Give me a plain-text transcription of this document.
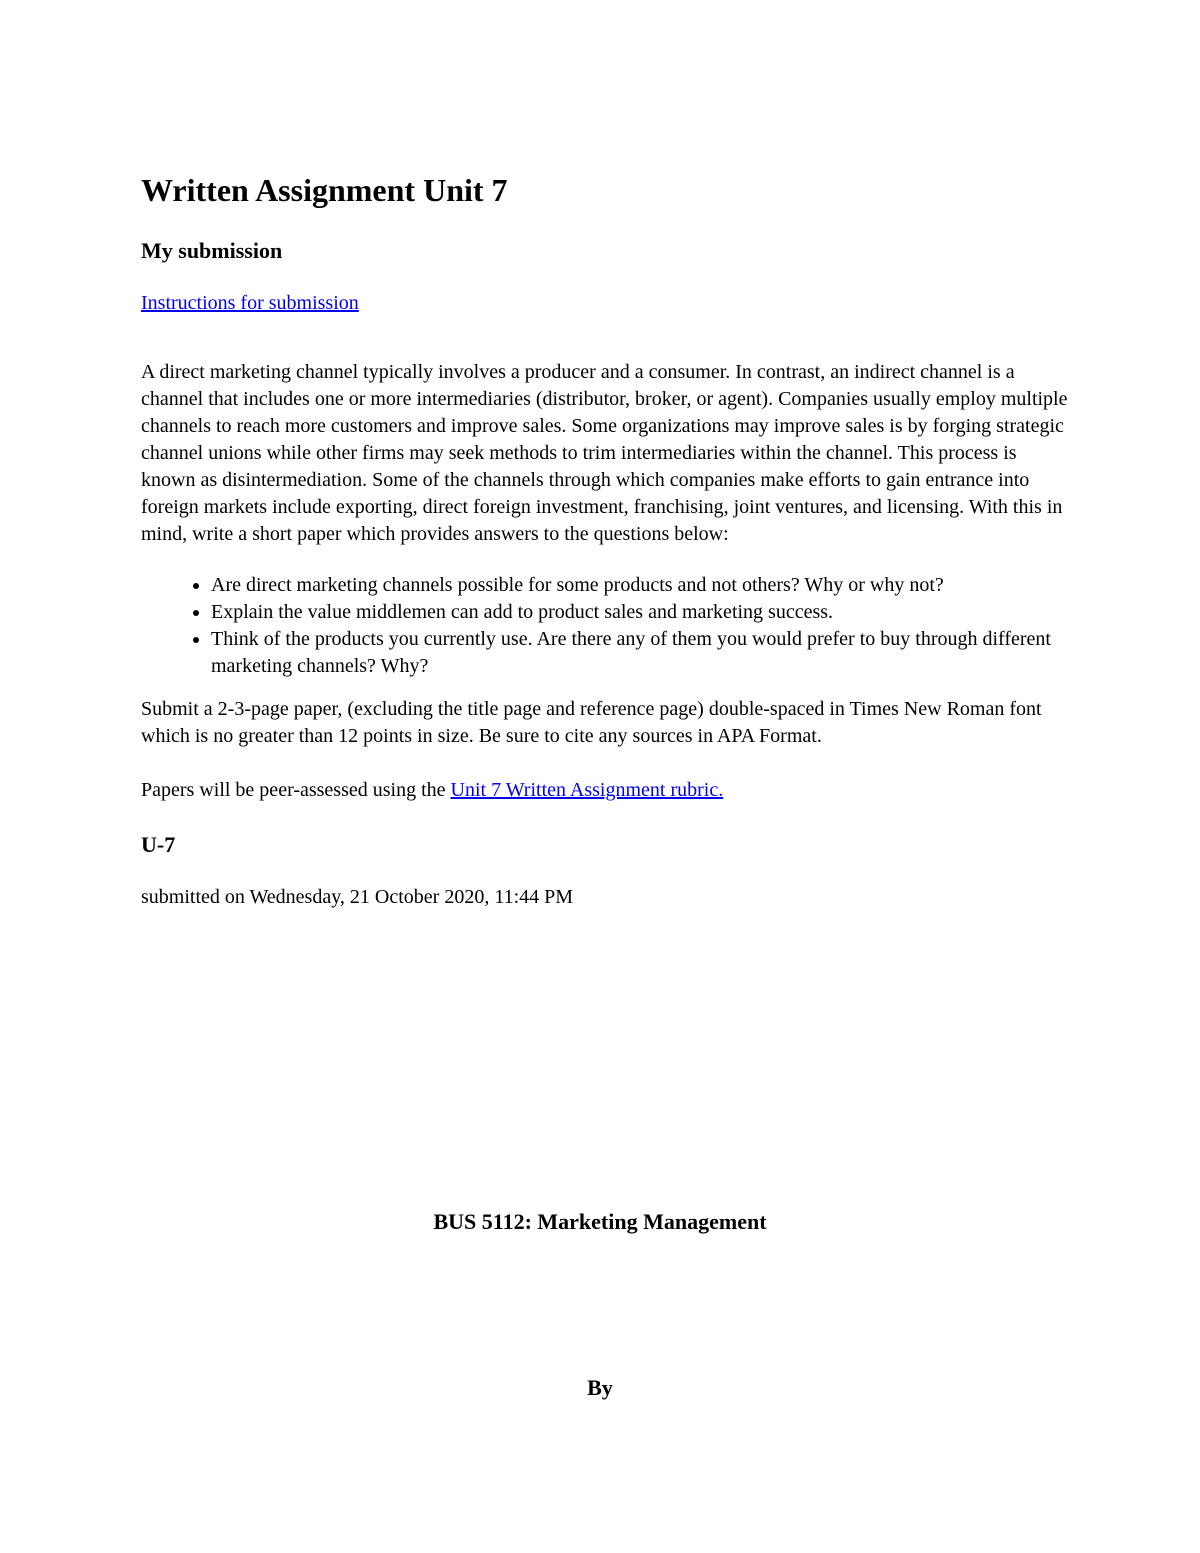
Written Assignment Unit 7
My submission

Instructions for submission

A direct marketing channel typically involves a producer and a consumer. In contrast, an indirect channel is a channel that includes one or more intermediaries (distributor, broker, or agent). Companies usually employ multiple channels to reach more customers and improve sales. Some organizations may improve sales is by forging strategic channel unions while other firms may seek methods to trim intermediaries within the channel. This process is known as disintermediation. Some of the channels through which companies make efforts to gain entrance into foreign markets include exporting, direct foreign investment, franchising, joint ventures, and licensing. With this in mind, write a short paper which provides answers to the questions below:

• Are direct marketing channels possible for some products and not others? Why or why not?
• Explain the value middlemen can add to product sales and marketing success.
• Think of the products you currently use. Are there any of them you would prefer to buy through different marketing channels? Why?

Submit a 2-3-page paper, (excluding the title page and reference page) double-spaced in Times New Roman font which is no greater than 12 points in size. Be sure to cite any sources in APA Format.

Papers will be peer-assessed using the Unit 7 Written Assignment rubric.

U-7

submitted on Wednesday, 21 October 2020, 11:44 PM

BUS 5112: Marketing Management
By
